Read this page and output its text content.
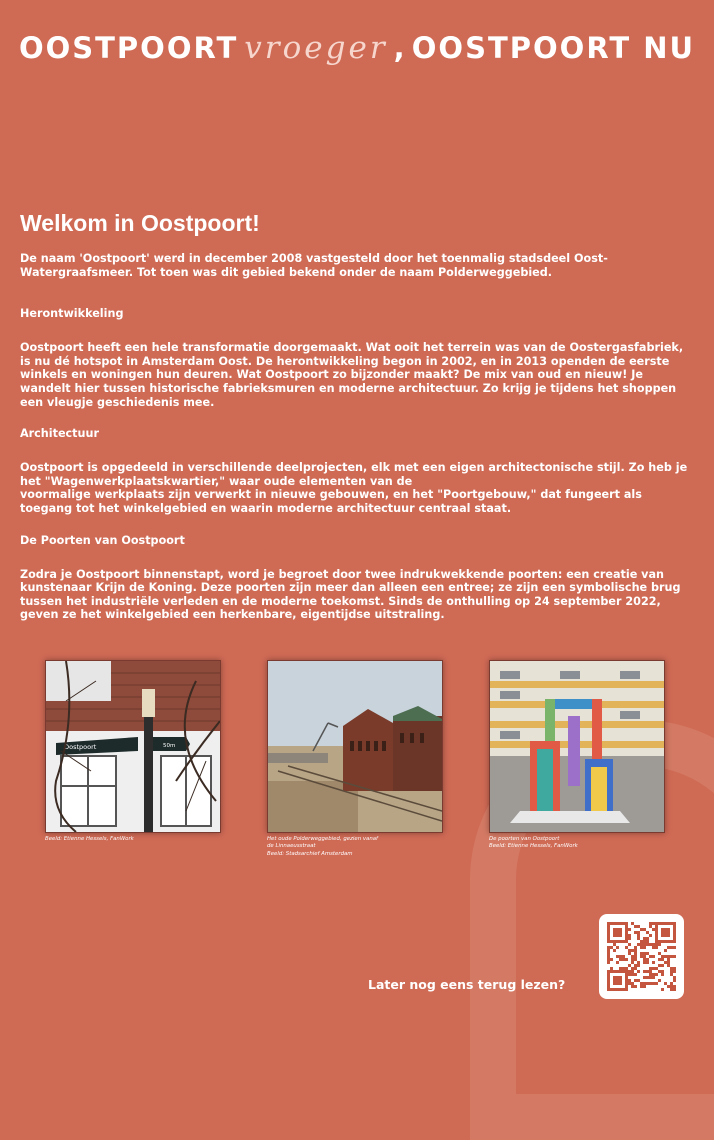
OOSTPOORT vroeger , OOSTPOORT NU
Welkom in Oostpoort!

De naam 'Oostpoort' werd in december 2008 vastgesteld door het toenmalig stadsdeel Oost-Watergraafsmeer. Tot toen was dit gebied bekend onder de naam Polderweggebied.

Herontwikkeling

Oostpoort heeft een hele transformatie doorgemaakt. Wat ooit het terrein was van de Oostergasfabriek, is nu dé hotspot in Amsterdam Oost. De herontwikkeling begon in 2002, en in 2013 openden de eerste winkels en woningen hun deuren. Wat Oostpoort zo bijzonder maakt? De mix van oud en nieuw! Je wandelt hier tussen historische fabrieksmuren en moderne architectuur. Zo krijg je tijdens het shoppen een vleugje geschiedenis mee.

Architectuur

Oostpoort is opgedeeld in verschillende deelprojecten, elk met een eigen architectonische stijl. Zo heb je het "Wagenwerkplaatskwartier," waar oude elementen van de
voormalige werkplaats zijn verwerkt in nieuwe gebouwen, en het "Poortgebouw," dat fungeert als toegang tot het winkelgebied en waarin moderne architectuur centraal staat.

De Poorten van Oostpoort

Zodra je Oostpoort binnenstapt, word je begroet door twee indrukwekkende poorten: een creatie van kunstenaar Krijn de Koning. Deze poorten zijn meer dan alleen een entree; ze zijn een symbolische brug tussen het industriële verleden en de moderne toekomst. Sinds de onthulling op 24 september 2022, geven ze het winkelgebied een herkenbare, eigentijdse uitstraling.

Oostpoort	50m
Beeld: Etienne Hessels, FanWork	Het oude Polderweggebied, gezien vanaf
de Linnaeusstraat
Beeld: Stadsarchief Amsterdam
De poorten van Oostpoort
Beeld: Etienne Hessels, FanWork
Later nog eens terug lezen?
